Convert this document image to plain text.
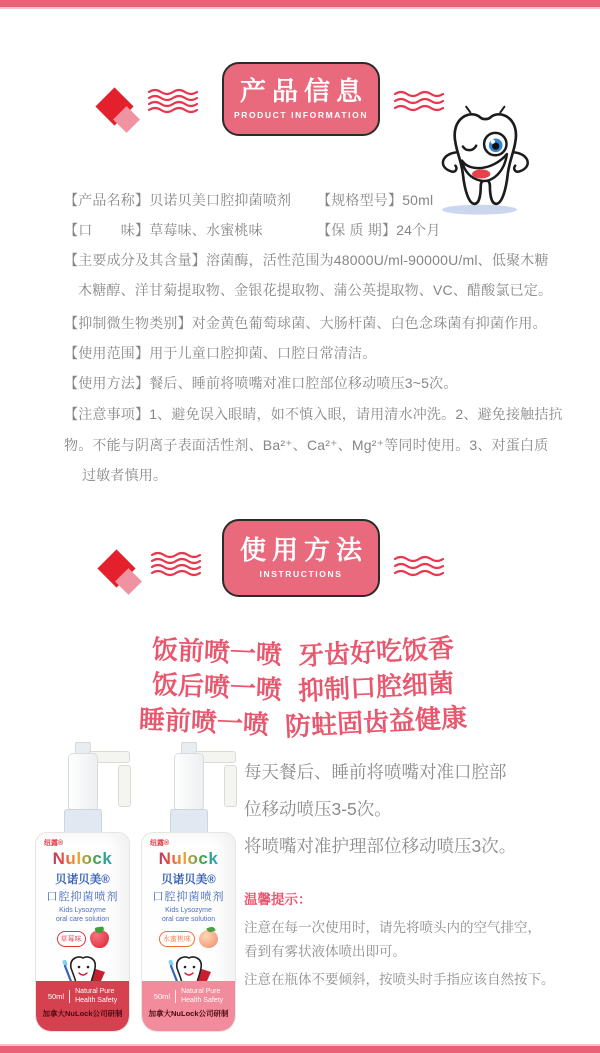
产品信息
PRODUCT INFORMATION
【产品名称】贝诺贝美口腔抑菌喷剂 【规格型号】50ml
【口　　味】草莓味、水蜜桃味	【保 质 期】24个月
【主要成分及其含量】溶菌酶，活性范围为48000U/ml-90000U/ml、低聚木糖
木糖醇、洋甘菊提取物、金银花提取物、蒲公英提取物、VC、醋酸氯已定。
【抑制微生物类别】对金黄色葡萄球菌、大肠杆菌、白色念珠菌有抑菌作用。
【使用范围】用于儿童口腔抑菌、口腔日常清洁。
【使用方法】餐后、睡前将喷嘴对准口腔部位移动喷压3~5次。
【注意事项】1、避免误入眼睛，如不慎入眼，请用清水冲洗。2、避免接触拮抗
物。不能与阴离子表面活性剂、Ba²⁺、Ca²⁺、Mg²⁺等同时使用。3、对蛋白质
过敏者慎用。
使用方法
INSTRUCTIONS
饭前喷一喷 牙齿好吃饭香
饭后喷一喷 抑制口腔细菌
睡前喷一喷 防蛀固齿益健康
纽露®
Nulock
贝诺贝美®
口腔抑菌喷剂
Kids Lysozyme
oral care solution
草莓味
50ml
Natural Pure
Health Safety
加拿大NuLock公司研制
纽露®
Nulock
贝诺贝美®
口腔抑菌喷剂
Kids Lysozyme
oral care solution
水蜜桃味
50ml
Natural Pure
Health Safety
加拿大NuLock公司研制
每天餐后、睡前将喷嘴对准口腔部
位移动喷压3-5次。
将喷嘴对准护理部位移动喷压3次。
温馨提示：
注意在每一次使用时，请先将喷头内的空气排空，
看到有雾状液体喷出即可。
注意在瓶体不要倾斜，按喷头时手指应该自然按下。
